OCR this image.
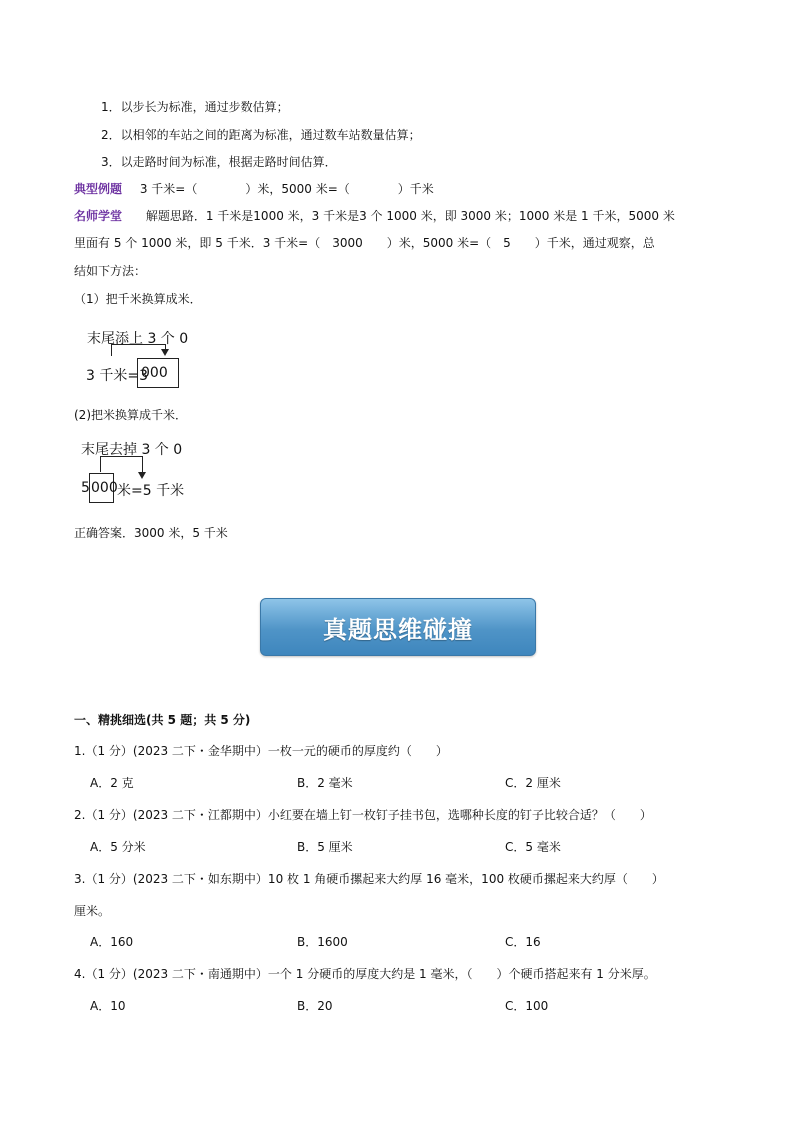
1．以步长为标准，通过步数估算；
2．以相邻的车站之间的距离为标准，通过数车站数量估算；
3．以走路时间为标准，根据走路时间估算．
典型例题 3 千米=（　　　　）米，5000 米=（　　　　）千米
名师学堂 解题思路．1 千米是1000 米，3 千米是3 个 1000 米，即 3000 米；1000 米是 1 千米，5000 米
里面有 5 个 1000 米，即 5 千米．3 千米=（　3000　　）米，5000 米=（　5　　）千米，通过观察，总
结如下方法：
（1）把千米换算成米．
末尾添上 3 个 0
3 千米=3
000
(2)把米换算成千米．
末尾去掉 3 个 0
5 000 米=5 千米
正确答案．3000 米，5 千米
真题思维碰撞
一、精挑细选(共 5 题；共 5 分)
1.（1 分）(2023 二下・金华期中）一枚一元的硬币的厚度约（　　）
A．2 克	B．2 毫米	C．2 厘米
2.（1 分）(2023 二下・江都期中）小红要在墙上钉一枚钉子挂书包，选哪种长度的钉子比较合适？（　　）
A．5 分米	B．5 厘米	C．5 毫米
3.（1 分）(2023 二下・如东期中）10 枚 1 角硬币摞起来大约厚 16 毫米，100 枚硬币摞起来大约厚（　　）
厘米。
A．160	B．1600	C．16
4.（1 分）(2023 二下・南通期中）一个 1 分硬币的厚度大约是 1 毫米，（　　）个硬币搭起来有 1 分米厚。
A．10	B．20	C．100
